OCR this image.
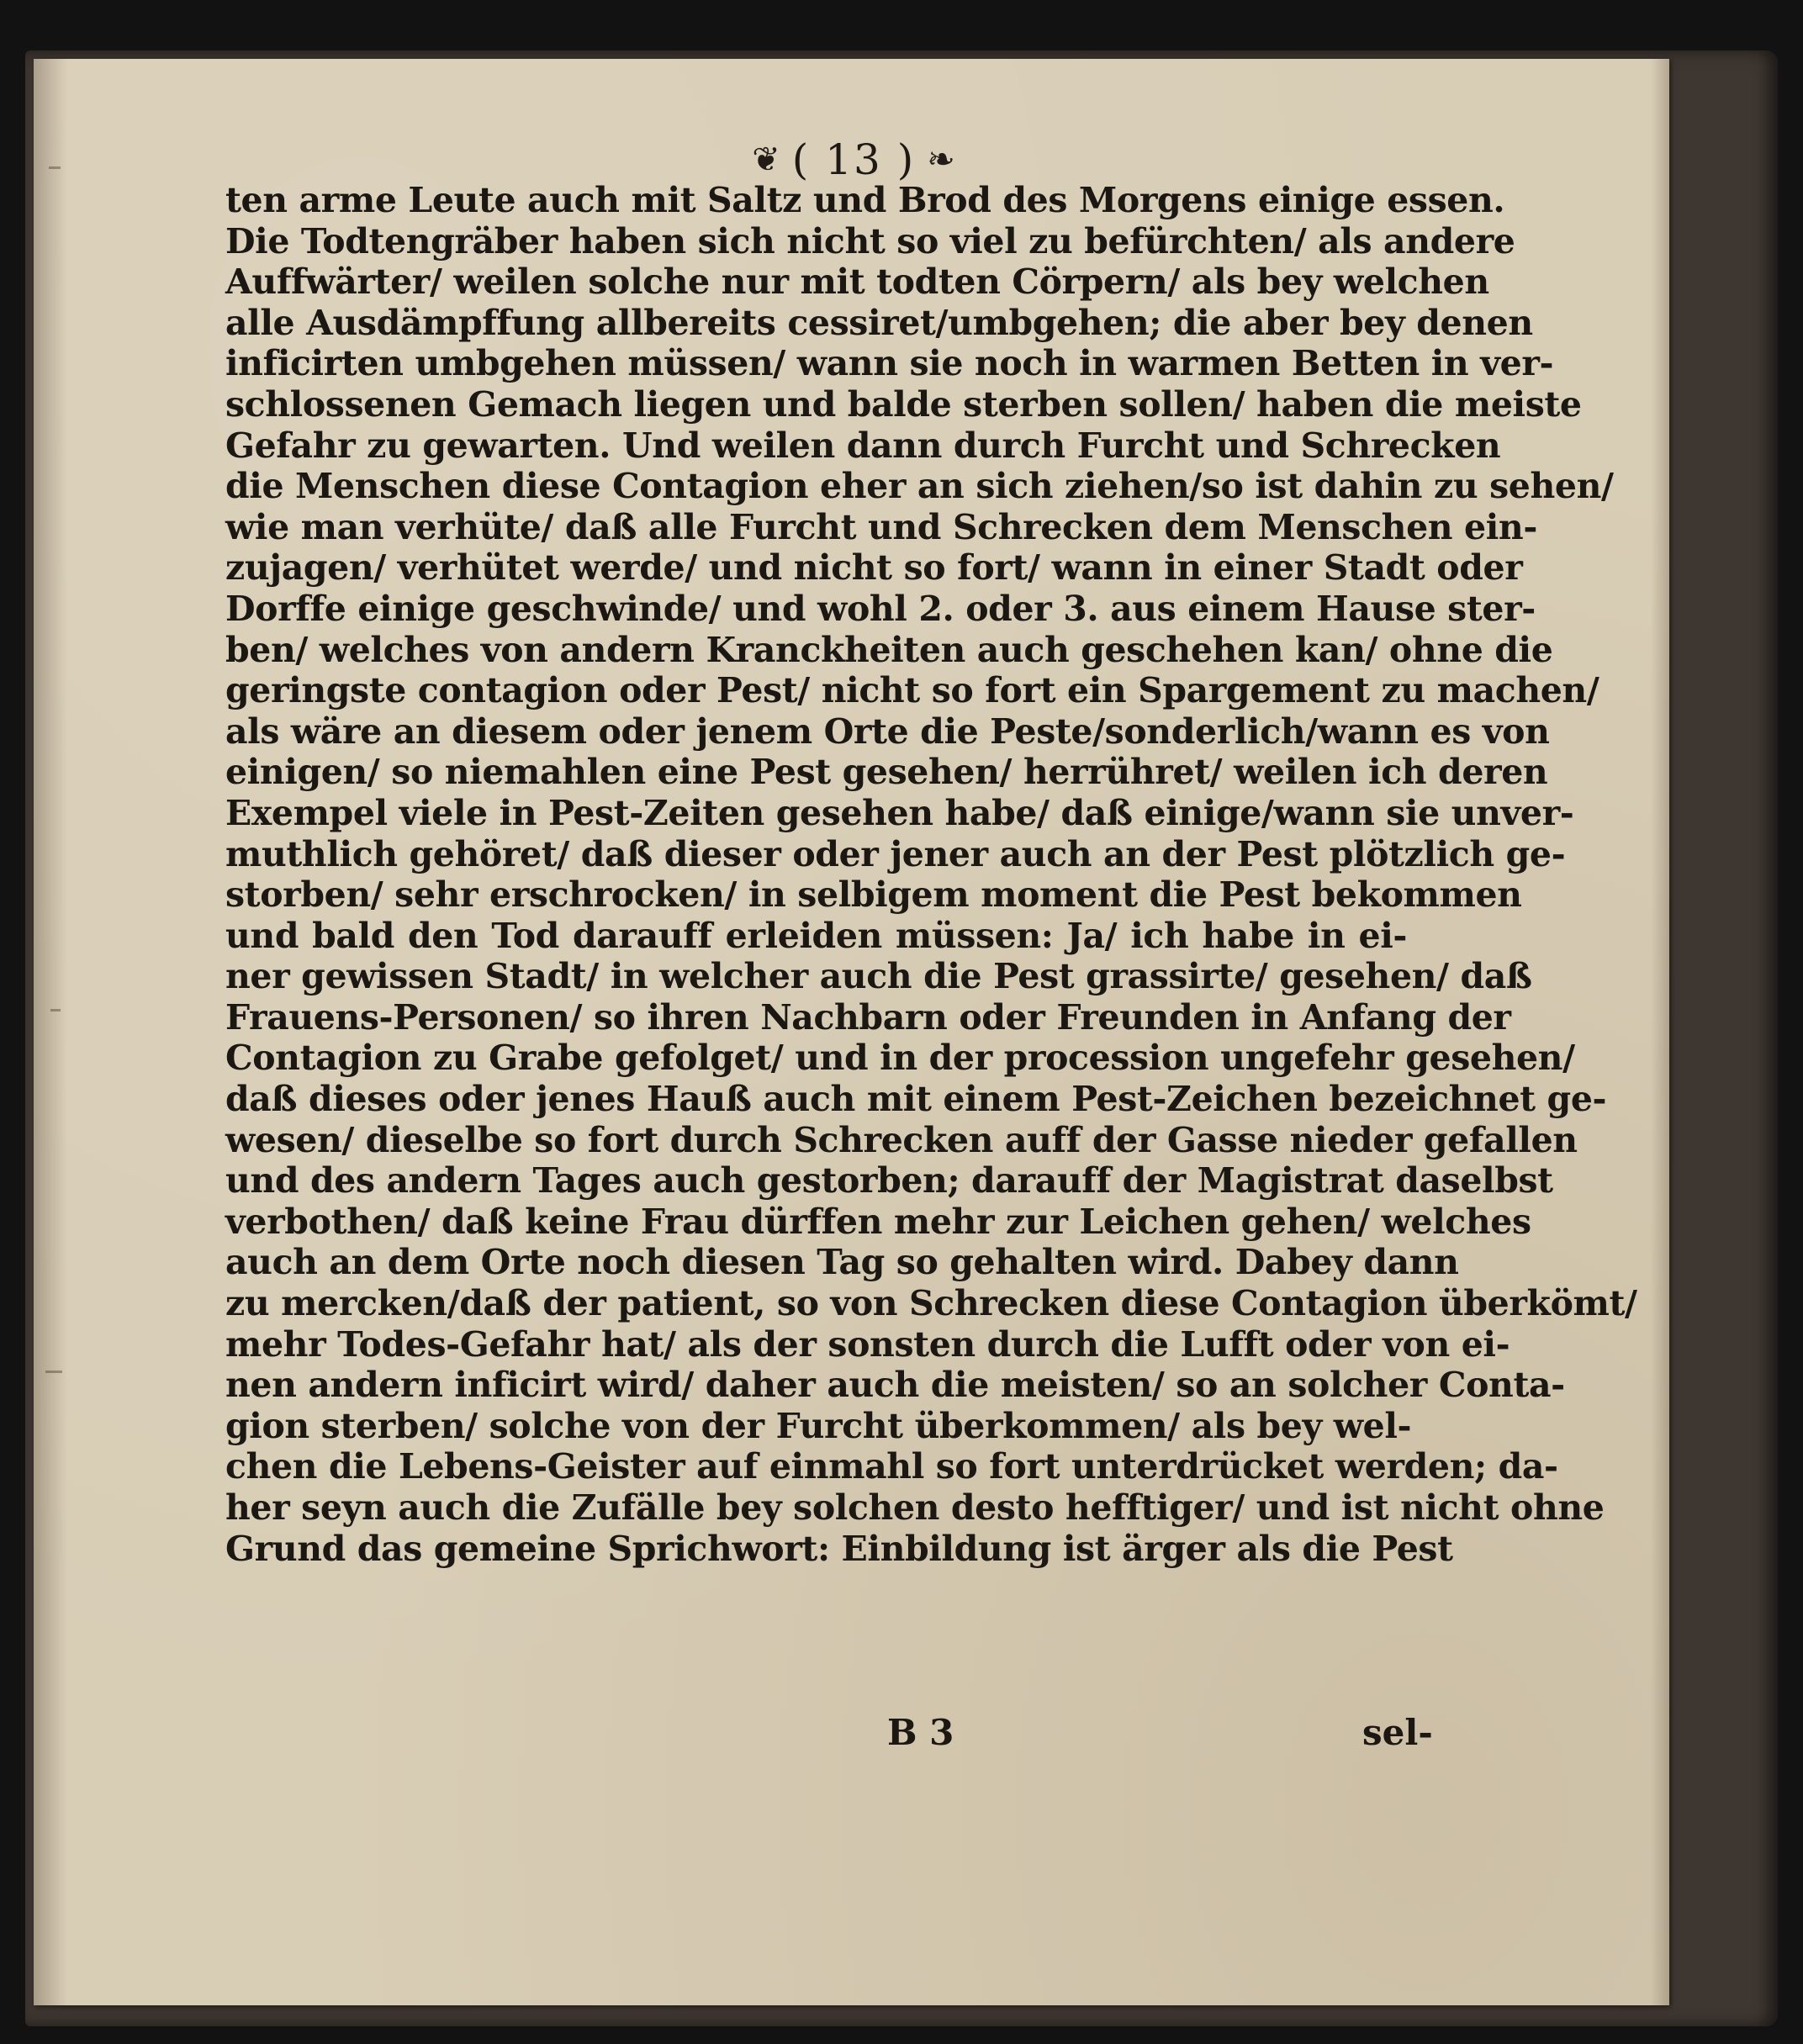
❦ ( 13 ) ❧
ten arme Leute auch mit Saltz und Brod des Morgens einige essen.
Die Todtengräber haben sich nicht so viel zu befürchten/ als andere
Auffwärter/ weilen solche nur mit todten Cörpern/ als bey welchen
alle Ausdämpffung allbereits cessiret/umbgehen; die aber bey denen
inficirten umbgehen müssen/ wann sie noch in warmen Betten in ver-
schlossenen Gemach liegen und balde sterben sollen/ haben die meiste
Gefahr zu gewarten. Und weilen dann durch Furcht und Schrecken
die Menschen diese Contagion eher an sich ziehen/so ist dahin zu sehen/
wie man verhüte/ daß alle Furcht und Schrecken dem Menschen ein-
zujagen/ verhütet werde/ und nicht so fort/ wann in einer Stadt oder
Dorffe einige geschwinde/ und wohl 2. oder 3. aus einem Hause ster-
ben/ welches von andern Kranckheiten auch geschehen kan/ ohne die
geringste contagion oder Pest/ nicht so fort ein Spargement zu machen/
als wäre an diesem oder jenem Orte die Peste/sonderlich/wann es von
einigen/ so niemahlen eine Pest gesehen/ herrühret/ weilen ich deren
Exempel viele in Pest-Zeiten gesehen habe/ daß einige/wann sie unver-
muthlich gehöret/ daß dieser oder jener auch an der Pest plötzlich ge-
storben/ sehr erschrocken/ in selbigem moment die Pest bekommen
und bald den Tod darauff erleiden müssen: Ja/ ich habe in ei-
ner gewissen Stadt/ in welcher auch die Pest grassirte/ gesehen/ daß
Frauens-Personen/ so ihren Nachbarn oder Freunden in Anfang der
Contagion zu Grabe gefolget/ und in der procession ungefehr gesehen/
daß dieses oder jenes Hauß auch mit einem Pest-Zeichen bezeichnet ge-
wesen/ dieselbe so fort durch Schrecken auff der Gasse nieder gefallen
und des andern Tages auch gestorben; darauff der Magistrat daselbst
verbothen/ daß keine Frau dürffen mehr zur Leichen gehen/ welches
auch an dem Orte noch diesen Tag so gehalten wird. Dabey dann
zu mercken/daß der patient, so von Schrecken diese Contagion überkömt/
mehr Todes-Gefahr hat/ als der sonsten durch die Lufft oder von ei-
nen andern inficirt wird/ daher auch die meisten/ so an solcher Conta-
gion sterben/ solche von der Furcht überkommen/ als bey wel-
chen die Lebens-Geister auf einmahl so fort unterdrücket werden; da-
her seyn auch die Zufälle bey solchen desto hefftiger/ und ist nicht ohne
Grund das gemeine Sprichwort: Einbildung ist ärger als die Pest
B 3	sel-
